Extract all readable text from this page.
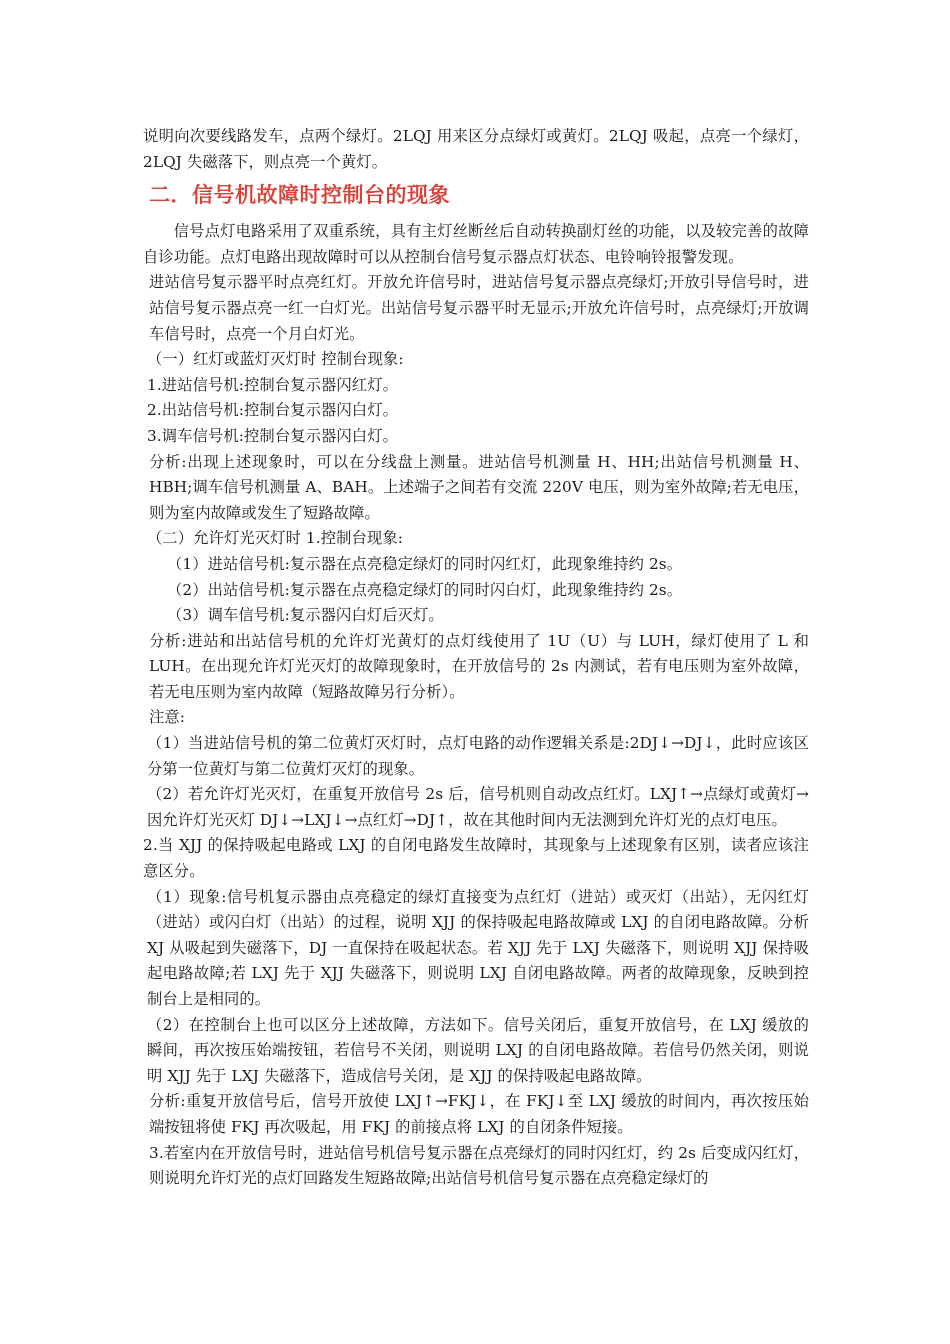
说明向次要线路发车，点两个绿灯。2LQJ 用来区分点绿灯或黄灯。2LQJ 吸起，点亮一个绿灯，2LQJ 失磁落下，则点亮一个黄灯。

二．信号机故障时控制台的现象

信号点灯电路采用了双重系统，具有主灯丝断丝后自动转换副灯丝的功能，以及较完善的故障自诊功能。点灯电路出现故障时可以从控制台信号复示器点灯状态、电铃响铃报警发现。

进站信号复示器平时点亮红灯。开放允许信号时，进站信号复示器点亮绿灯;开放引导信号时，进站信号复示器点亮一红一白灯光。出站信号复示器平时无显示;开放允许信号时，点亮绿灯;开放调车信号时，点亮一个月白灯光。

（一）红灯或蓝灯灭灯时 控制台现象:

1.进站信号机:控制台复示器闪红灯。

2.出站信号机:控制台复示器闪白灯。

3.调车信号机:控制台复示器闪白灯。

分析:出现上述现象时，可以在分线盘上测量。进站信号机测量 H、HH;出站信号机测量 H、HBH;调车信号机测量 A、BAH。上述端子之间若有交流 220V 电压，则为室外故障;若无电压，则为室内故障或发生了短路故障。

（二）允许灯光灭灯时 1.控制台现象:

（1）进站信号机:复示器在点亮稳定绿灯的同时闪红灯，此现象维持约 2s。

（2）出站信号机:复示器在点亮稳定绿灯的同时闪白灯，此现象维持约 2s。

（3）调车信号机:复示器闪白灯后灭灯。

分析:进站和出站信号机的允许灯光黄灯的点灯线使用了 1U（U）与 LUH，绿灯使用了 L 和 LUH。在出现允许灯光灭灯的故障现象时，在开放信号的 2s 内测试，若有电压则为室外故障，若无电压则为室内故障（短路故障另行分析）。

注意:

（1）当进站信号机的第二位黄灯灭灯时，点灯电路的动作逻辑关系是:2DJ↓→DJ↓，此时应该区分第一位黄灯与第二位黄灯灭灯的现象。

（2）若允许灯光灭灯，在重复开放信号 2s 后，信号机则自动改点红灯。LXJ↑→点绿灯或黄灯→因允许灯光灭灯 DJ↓→LXJ↓→点红灯→DJ↑，故在其他时间内无法测到允许灯光的点灯电压。

2.当 XJJ 的保持吸起电路或 LXJ 的自闭电路发生故障时，其现象与上述现象有区别，读者应该注意区分。

（1）现象:信号机复示器由点亮稳定的绿灯直接变为点红灯（进站）或灭灯（出站），无闪红灯（进站）或闪白灯（出站）的过程，说明 XJJ 的保持吸起电路故障或 LXJ 的自闭电路故障。分析 XJ 从吸起到失磁落下，DJ 一直保持在吸起状态。若 XJJ 先于 LXJ 失磁落下，则说明 XJJ 保持吸起电路故障;若 LXJ 先于 XJJ 失磁落下，则说明 LXJ 自闭电路故障。两者的故障现象，反映到控制台上是相同的。

（2）在控制台上也可以区分上述故障，方法如下。信号关闭后，重复开放信号，在 LXJ 缓放的瞬间，再次按压始端按钮，若信号不关闭，则说明 LXJ 的自闭电路故障。若信号仍然关闭，则说明 XJJ 先于 LXJ 失磁落下，造成信号关闭，是 XJJ 的保持吸起电路故障。

分析:重复开放信号后，信号开放使 LXJ↑→FKJ↓，在 FKJ↓至 LXJ 缓放的时间内，再次按压始端按钮将使 FKJ 再次吸起，用 FKJ 的前接点将 LXJ 的自闭条件短接。

3.若室内在开放信号时，进站信号机信号复示器在点亮绿灯的同时闪红灯，约 2s 后变成闪红灯，则说明允许灯光的点灯回路发生短路故障;出站信号机信号复示器在点亮稳定绿灯的
